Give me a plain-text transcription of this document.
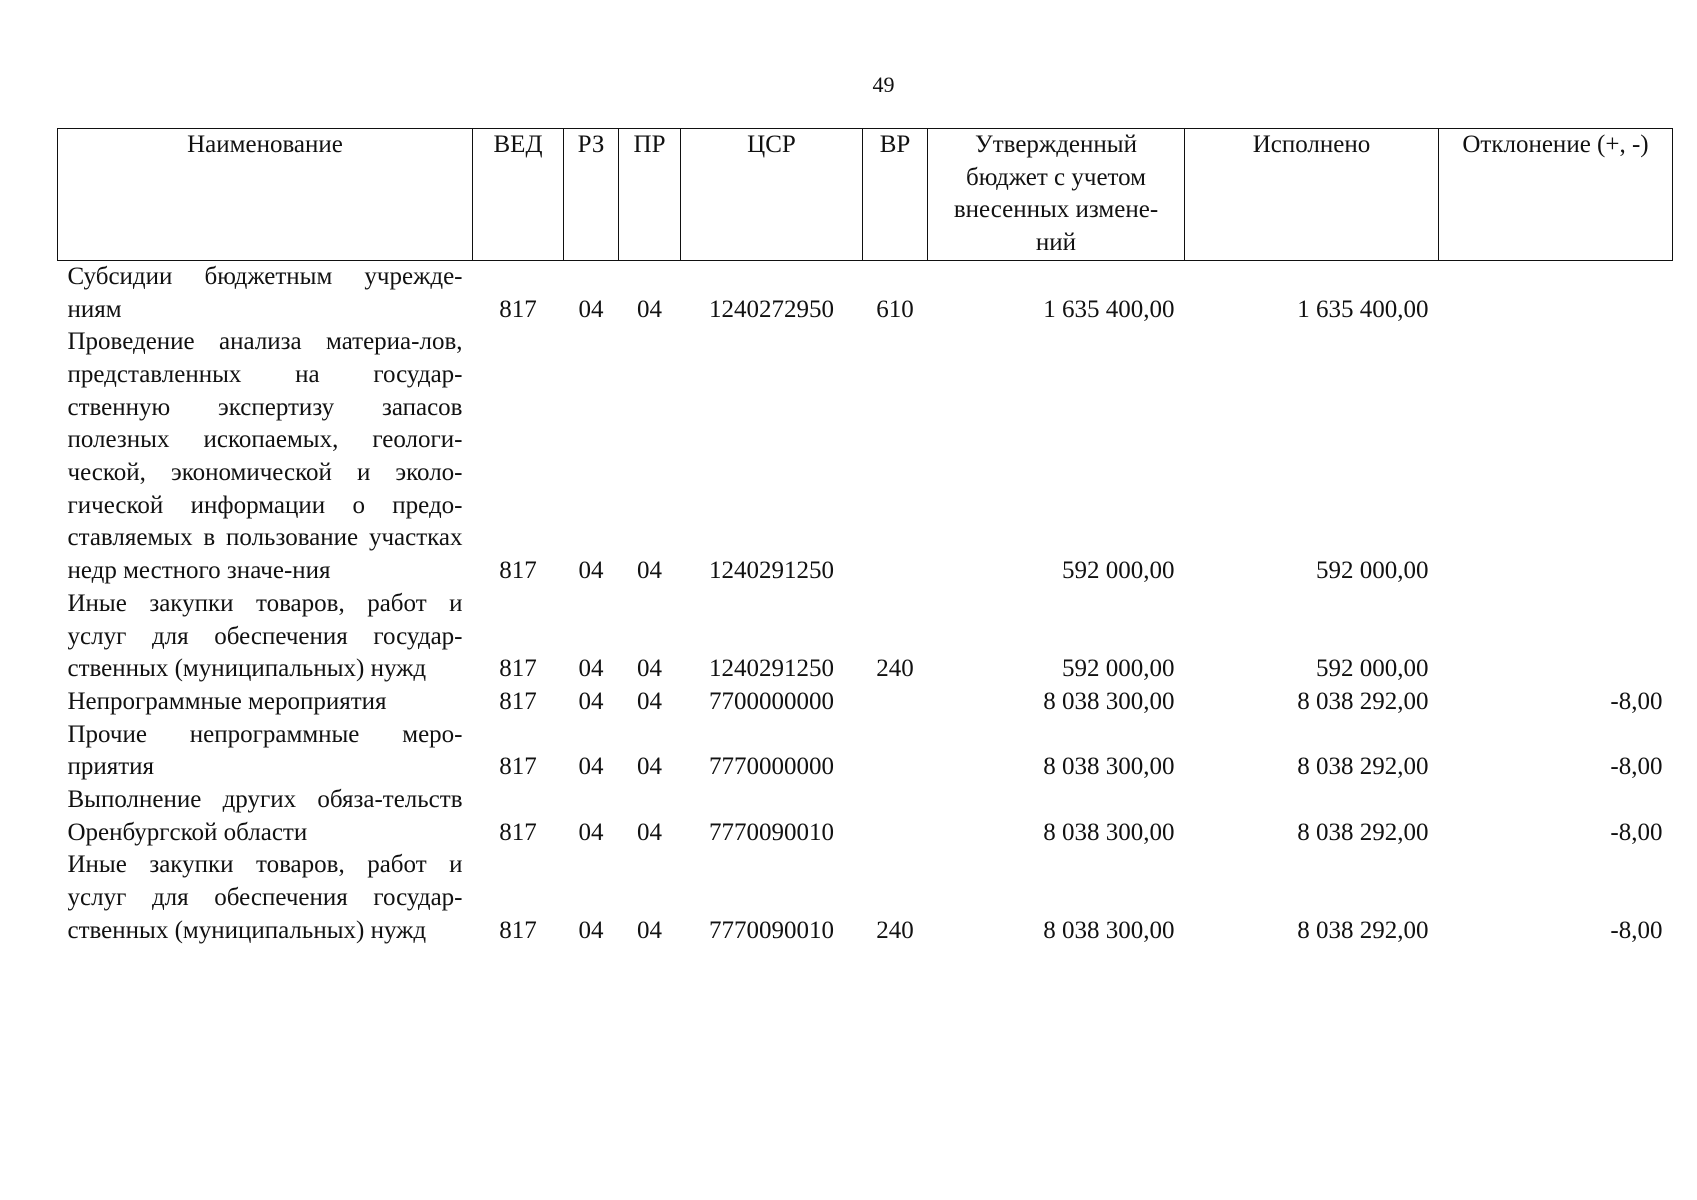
49
Наименование	ВЕД	РЗ	ПР	ЦСР	ВР	Утвержденный бюджет с учетом внесенных измене-ний	Исполнено	Отклонение (+, -)
Субсидии бюджетным учрежде-ниям	817	04	04	1240272950	610	1 635 400,00	1 635 400,00	
Проведение анализа материа-лов, представленных на государ-ственную экспертизу запасов полезных ископаемых, геологи-ческой, экономической и эколо-гической информации о предо-ставляемых в пользование участках недр местного значе-ния	817	04	04	1240291250		592 000,00	592 000,00	
Иные закупки товаров, работ и услуг для обеспечения государ-ственных (муниципальных) нужд	817	04	04	1240291250	240	592 000,00	592 000,00	
Непрограммные мероприятия	817	04	04	7700000000		8 038 300,00	8 038 292,00	-8,00
Прочие непрограммные меро-приятия	817	04	04	7770000000		8 038 300,00	8 038 292,00	-8,00
Выполнение других обяза-тельств Оренбургской области	817	04	04	7770090010		8 038 300,00	8 038 292,00	-8,00
Иные закупки товаров, работ и услуг для обеспечения государ-ственных (муниципальных) нужд	817	04	04	7770090010	240	8 038 300,00	8 038 292,00	-8,00
